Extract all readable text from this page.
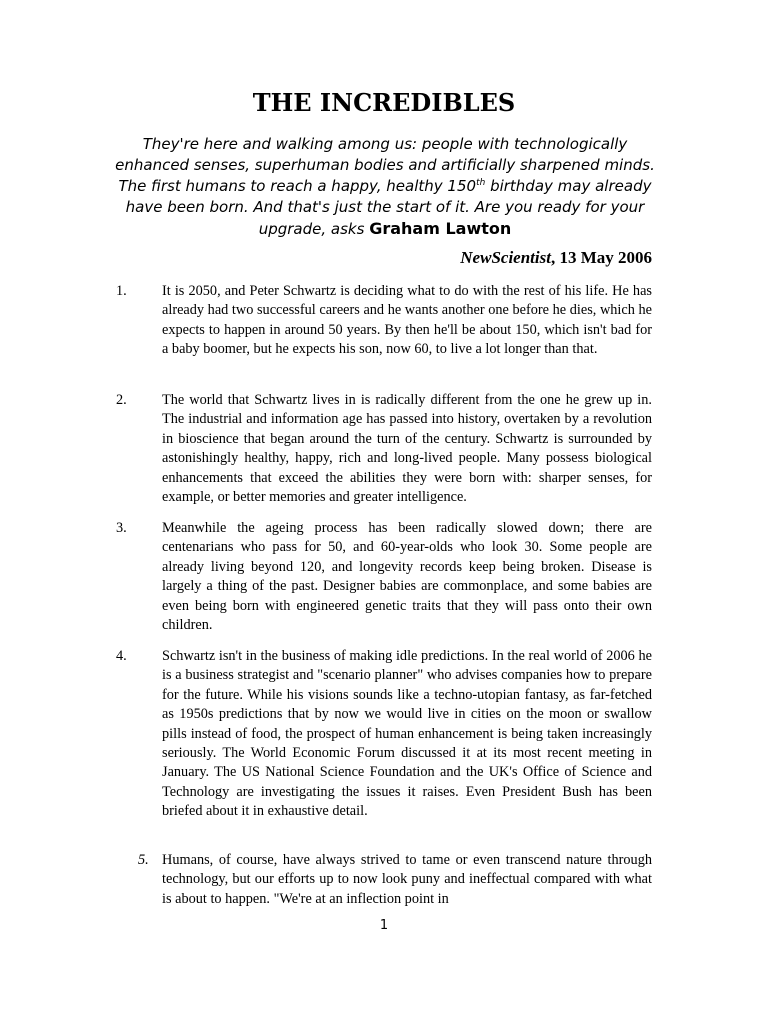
THE INCREDIBLES

They're here and walking among us: people with technologically enhanced senses, superhuman bodies and artificially sharpened minds. The first humans to reach a happy, healthy 150th birthday may already have been born. And that's just the start of it. Are you ready for your upgrade, asks Graham Lawton

NewScientist, 13 May 2006

1. It is 2050, and Peter Schwartz is deciding what to do with the rest of his life. He has already had two successful careers and he wants another one before he dies, which he expects to happen in around 50 years. By then he'll be about 150, which isn't bad for a baby boomer, but he expects his son, now 60, to live a lot longer than that.
2. The world that Schwartz lives in is radically different from the one he grew up in. The industrial and information age has passed into history, overtaken by a revolution in bioscience that began around the turn of the century. Schwartz is surrounded by astonishingly healthy, happy, rich and long-lived people. Many possess biological enhancements that exceed the abilities they were born with: sharper senses, for example, or better memories and greater intelligence.
3. Meanwhile the ageing process has been radically slowed down; there are centenarians who pass for 50, and 60-year-olds who look 30. Some people are already living beyond 120, and longevity records keep being broken. Disease is largely a thing of the past. Designer babies are commonplace, and some babies are even being born with engineered genetic traits that they will pass onto their own children.
4. Schwartz isn't in the business of making idle predictions. In the real world of 2006 he is a business strategist and "scenario planner" who advises companies how to prepare for the future. While his visions sounds like a techno-utopian fantasy, as far-fetched as 1950s predictions that by now we would live in cities on the moon or swallow pills instead of food, the prospect of human enhancement is being taken increasingly seriously. The World Economic Forum discussed it at its most recent meeting in January. The US National Science Foundation and the UK's Office of Science and Technology are investigating the issues it raises. Even President Bush has been briefed about it in exhaustive detail.
5. Humans, of course, have always strived to tame or even transcend nature through technology, but our efforts up to now look puny and ineffectual compared with what is about to happen. "We're at an inflection point in
1
